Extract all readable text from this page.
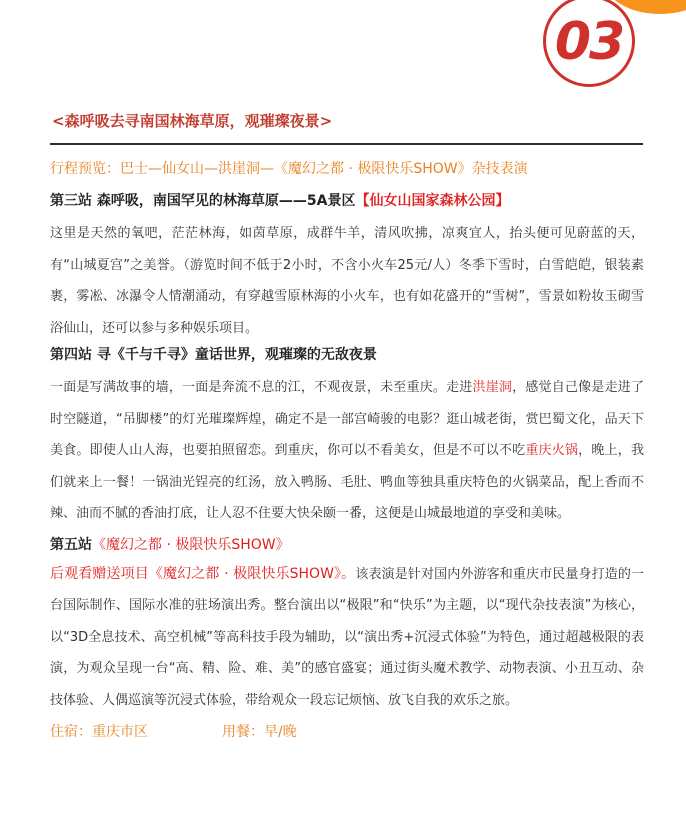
03
<森呼吸去寻南国林海草原，观璀璨夜景>
行程预览：巴士—仙女山—洪崖洞—《魔幻之都 · 极限快乐SHOW》杂技表演
第三站 森呼吸，南国罕见的林海草原——5A景区【仙女山国家森林公园】

这里是天然的氧吧，茫茫林海，如茵草原，成群牛羊，清风吹拂，凉爽宜人，抬头便可见蔚蓝的天，有“山城夏宫”之美誉。（游览时间不低于2小时，不含小火车25元/人）冬季下雪时，白雪皑皑，银装素裹，雾凇、冰瀑令人情潮涌动，有穿越雪原林海的小火车，也有如花盛开的“雪树”，雪景如粉妆玉砌雪浴仙山，还可以参与多种娱乐项目。

第四站 寻《千与千寻》童话世界，观璀璨的无敌夜景

一面是写满故事的墙，一面是奔流不息的江，不观夜景，未至重庆。走进洪崖洞，感觉自己像是走进了时空隧道，“吊脚楼”的灯光璀璨辉煌，确定不是一部宫崎骏的电影？逛山城老街，赏巴蜀文化，品天下美食。即使人山人海，也要拍照留恋。到重庆，你可以不看美女，但是不可以不吃重庆火锅，晚上，我们就来上一餐！一锅油光锃亮的红汤，放入鸭肠、毛肚、鸭血等独具重庆特色的火锅菜品，配上香而不辣、油而不腻的香油打底，让人忍不住要大快朵颐一番，这便是山城最地道的享受和美味。

第五站《魔幻之都 · 极限快乐SHOW》

后观看赠送项目《魔幻之都 · 极限快乐SHOW》。该表演是针对国内外游客和重庆市民量身打造的一台国际制作、国际水准的驻场演出秀。整台演出以“极限”和“快乐”为主题，以“现代杂技表演”为核心，以“3D全息技术、高空机械”等高科技手段为辅助，以“演出秀+沉浸式体验”为特色，通过超越极限的表演，为观众呈现一台“高、精、险、难、美”的感官盛宴；通过街头魔术教学、动物表演、小丑互动、杂技体验、人偶巡演等沉浸式体验，带给观众一段忘记烦恼、放飞自我的欢乐之旅。

住宿：重庆市区	用餐：早/晚
